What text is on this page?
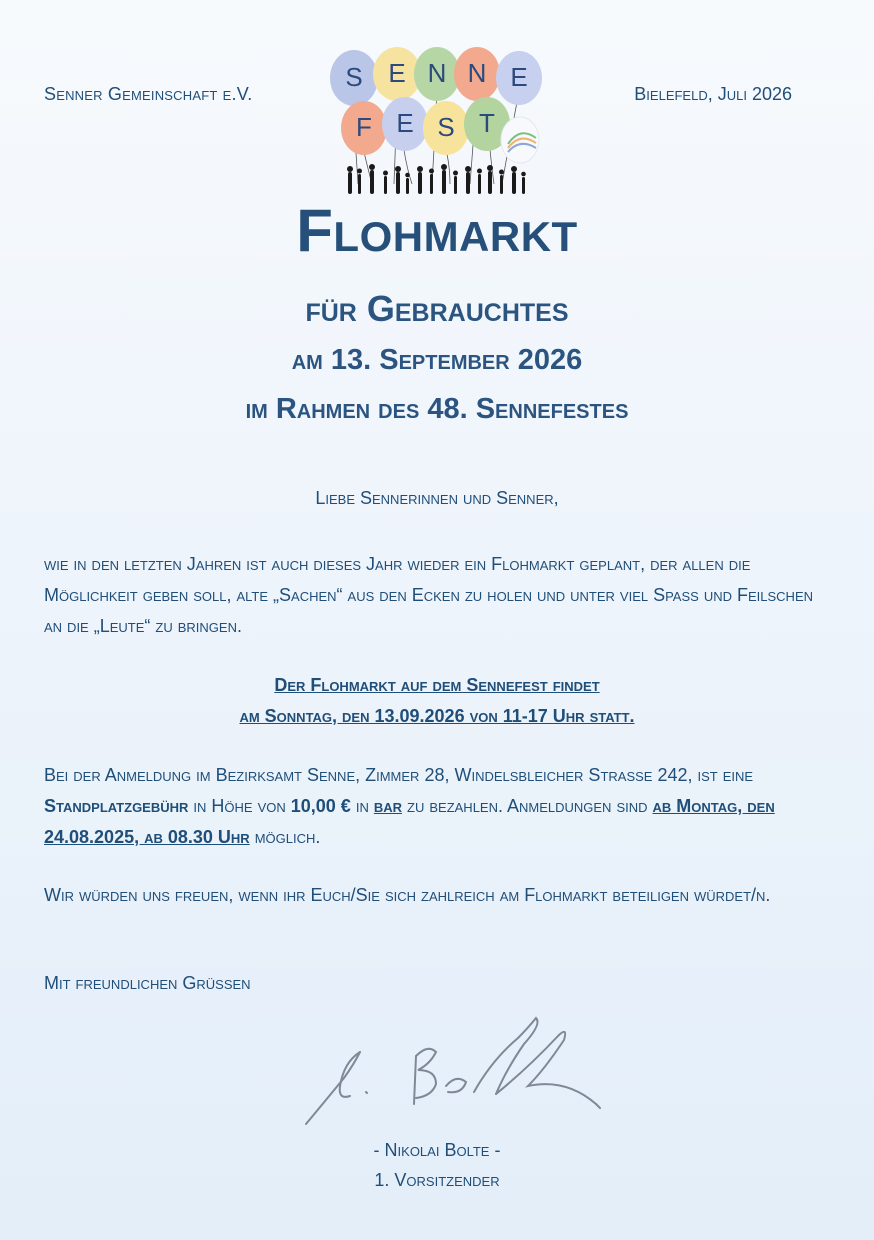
Senner Gemeinschaft e.V.	Bielefeld, Juli 2026
S E N N E
F E S T
Flohmarkt
für Gebrauchtes
am 13. September 2026
im Rahmen des 48. Sennefestes
Liebe Sennerinnen und Senner,
wie in den letzten Jahren ist auch dieses Jahr wieder ein Flohmarkt geplant, der allen die Möglichkeit geben soll, alte „Sachen“ aus den Ecken zu holen und unter viel Spaß und Feilschen an die „Leute“ zu bringen.
Der Flohmarkt auf dem Sennefest findet
am Sonntag, den 13.09.2026 von 11-17 Uhr statt.
Bei der Anmeldung im Bezirksamt Senne, Zimmer 28, Windelsbleicher Straße 242, ist eine Standplatzgebühr in Höhe von 10,00 € in bar zu bezahlen. Anmeldungen sind ab Montag, den 24.08.2025, ab 08.30 Uhr möglich.
Wir würden uns freuen, wenn ihr Euch/Sie sich zahlreich am Flohmarkt beteiligen würdet/n.
Mit freundlichen Grüßen
- Nikolai Bolte -
1. Vorsitzender
